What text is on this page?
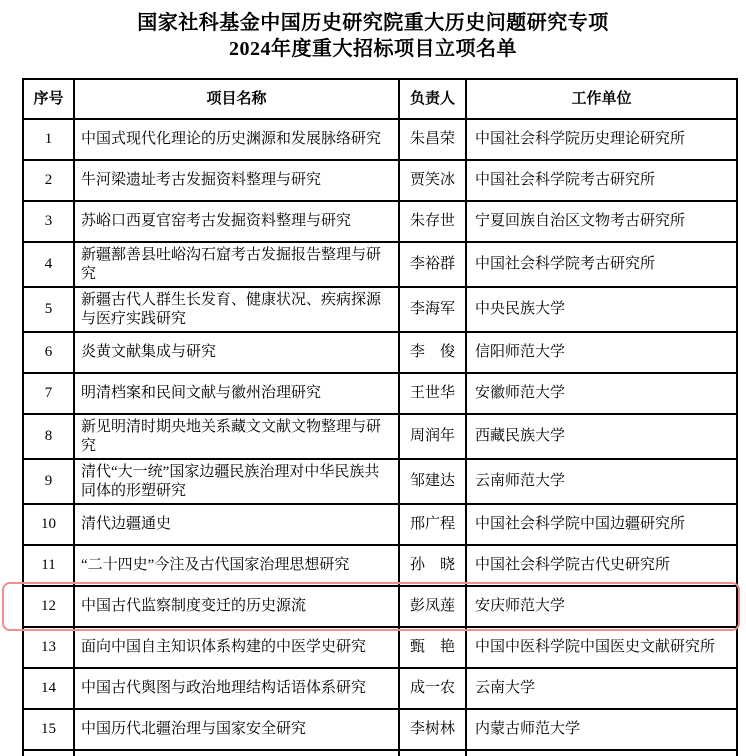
国家社科基金中国历史研究院重大历史问题研究专项
2024年度重大招标项目立项名单
序号	项目名称	负责人	工作单位
1	中国式现代化理论的历史渊源和发展脉络研究	朱昌荣	中国社会科学院历史理论研究所
2	牛河梁遗址考古发掘资料整理与研究	贾笑冰	中国社会科学院考古研究所
3	苏峪口西夏官窑考古发掘资料整理与研究	朱存世	宁夏回族自治区文物考古研究所
4	新疆鄯善县吐峪沟石窟考古发掘报告整理与研究	李裕群	中国社会科学院考古研究所
5	新疆古代人群生长发育、健康状况、疾病探源与医疗实践研究	李海军	中央民族大学
6	炎黄文献集成与研究	李　俊	信阳师范大学
7	明清档案和民间文献与徽州治理研究	王世华	安徽师范大学
8	新见明清时期央地关系藏文文献文物整理与研究	周润年	西藏民族大学
9	清代“大一统”国家边疆民族治理对中华民族共同体的形塑研究	邹建达	云南师范大学
10	清代边疆通史	邢广程	中国社会科学院中国边疆研究所
11	“二十四史”今注及古代国家治理思想研究	孙　晓	中国社会科学院古代史研究所
12	中国古代监察制度变迁的历史源流	彭凤莲	安庆师范大学
13	面向中国自主知识体系构建的中医学史研究	甄　艳	中国中医科学院中国医史文献研究所
14	中国古代舆图与政治地理结构话语体系研究	成一农	云南大学
15	中国历代北疆治理与国家安全研究	李树林	内蒙古师范大学
